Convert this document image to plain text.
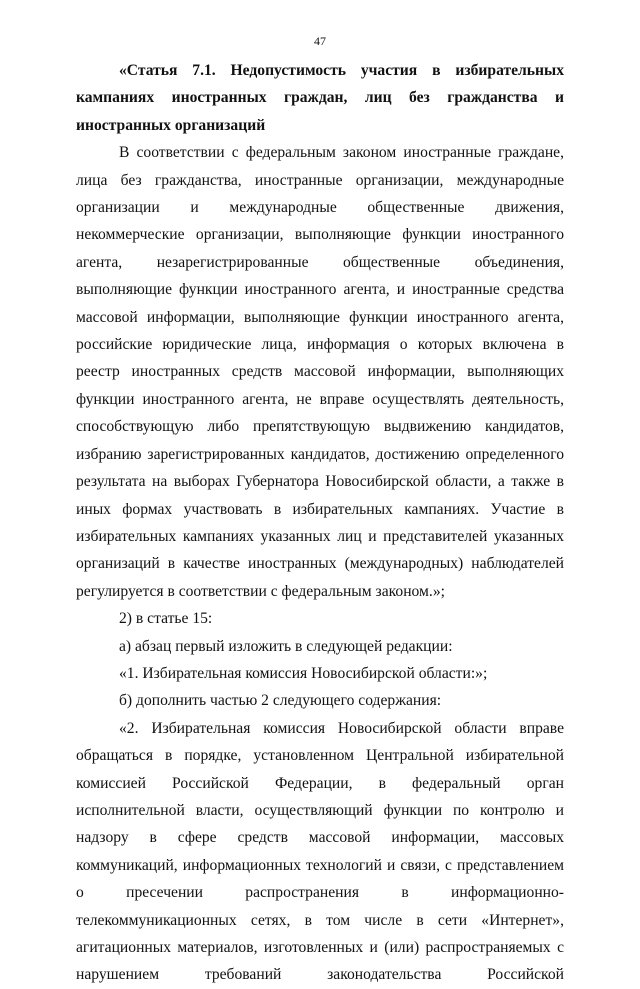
47

«Статья 7.1. Недопустимость участия в избирательных кампаниях иностранных граждан, лиц без гражданства и иностранных организаций

В соответствии с федеральным законом иностранные граждане, лица без гражданства, иностранные организации, международные организации и международные общественные движения, некоммерческие организации, выполняющие функции иностранного агента, незарегистрированные общественные объединения, выполняющие функции иностранного агента, и иностранные средства массовой информации, выполняющие функции иностранного агента, российские юридические лица, информация о которых включена в реестр иностранных средств массовой информации, выполняющих функции иностранного агента, не вправе осуществлять деятельность, способствующую либо препятствующую выдвижению кандидатов, избранию зарегистрированных кандидатов, достижению определенного результата на выборах Губернатора Новосибирской области, а также в иных формах участвовать в избирательных кампаниях. Участие в избирательных кампаниях указанных лиц и представителей указанных организаций в качестве иностранных (международных) наблюдателей регулируется в соответствии с федеральным законом.»;

2) в статье 15:

а) абзац первый изложить в следующей редакции:

«1. Избирательная комиссия Новосибирской области:»;

б) дополнить частью 2 следующего содержания:

«2. Избирательная комиссия Новосибирской области вправе обращаться в порядке, установленном Центральной избирательной комиссией Российской Федерации, в федеральный орган исполнительной власти, осуществляющий функции по контролю и надзору в сфере средств массовой информации, массовых коммуникаций, информационных технологий и связи, с представлением о пресечении распространения в информационно-телекоммуникационных сетях, в том числе в сети «Интернет», агитационных материалов, изготовленных и (или) распространяемых с нарушением требований законодательства Российской
